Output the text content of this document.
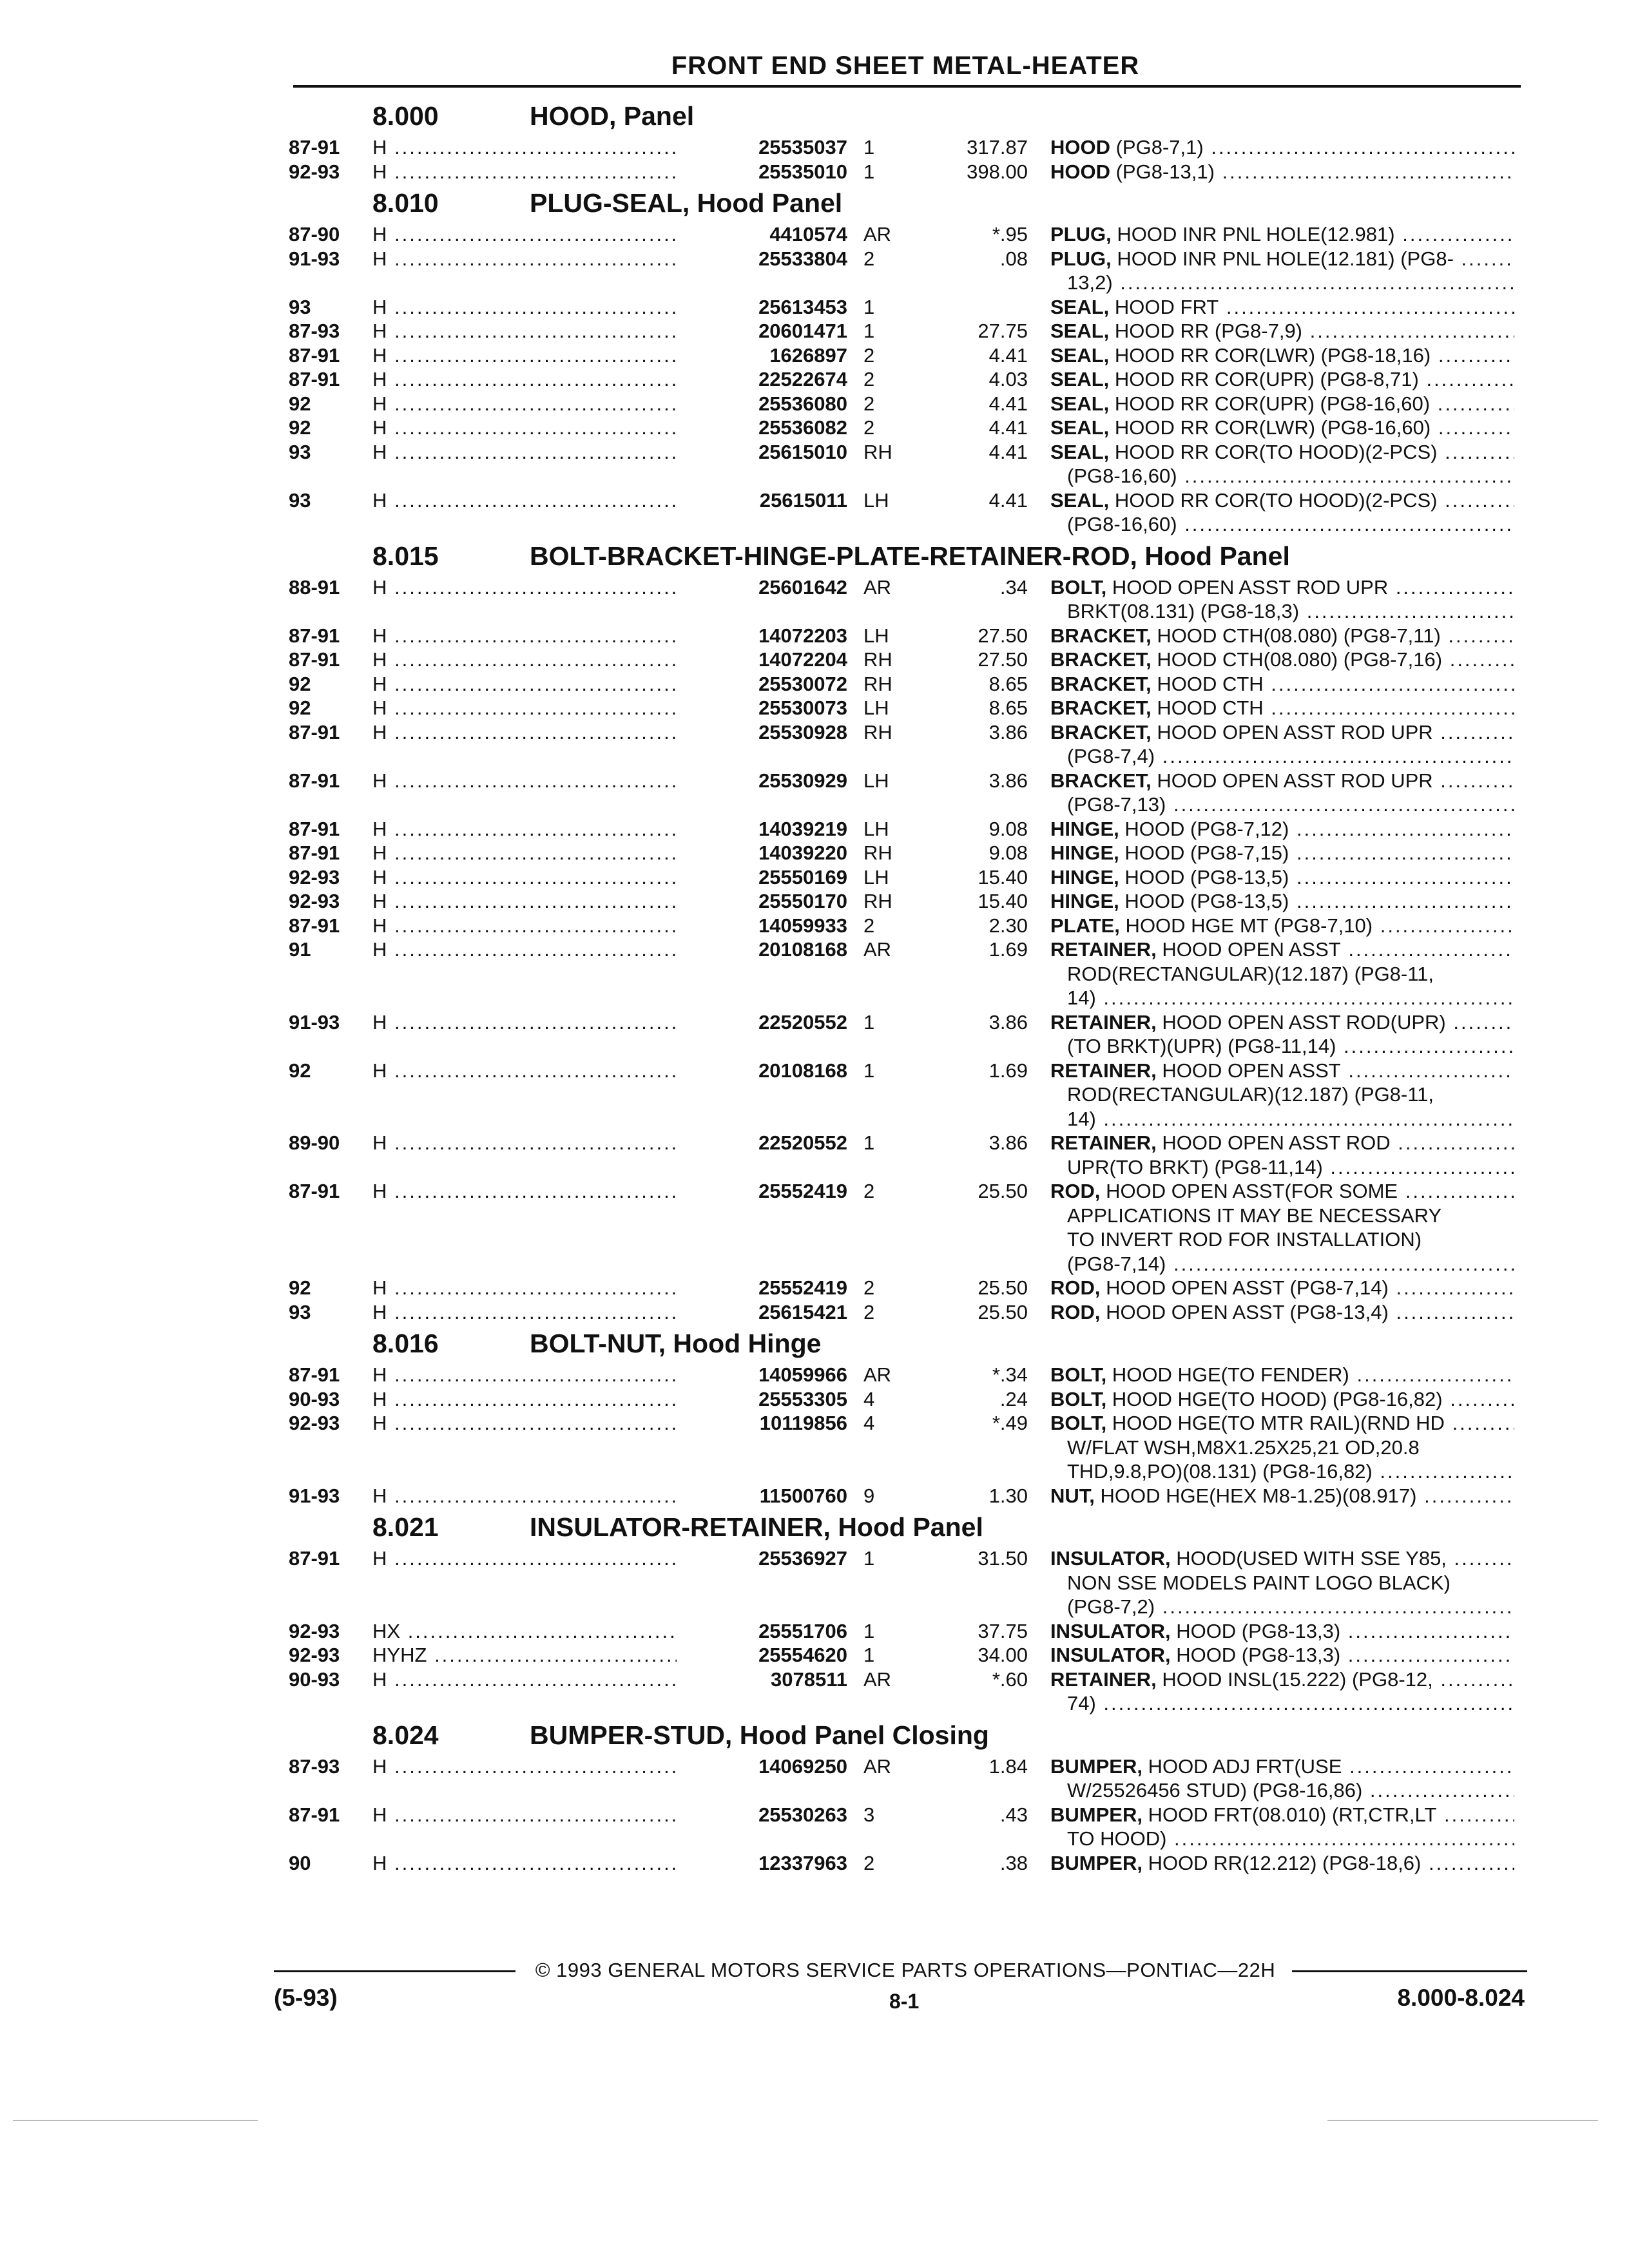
FRONT END SHEET METAL-HEATER
8.000	HOOD, Panel
87-91 H .....	25535037 1	317.87 HOOD (PG8-7,1) .....
92-93 H .....	25535010 1	398.00 HOOD (PG8-13,1) .....
8.010	PLUG-SEAL, Hood Panel
87-90 H .....	4410574 AR	*.95 PLUG, HOOD INR PNL HOLE(12.981) .....
91-93 H .....	25533804 2	.08 PLUG, HOOD INR PNL HOLE(12.181) (PG8- .....
13,2) .....
93	H .....	25613453 1	SEAL, HOOD FRT .....
87-93 H .....	20601471 1	27.75 SEAL, HOOD RR (PG8-7,9) .....
87-91 H .....	1626897 2	4.41 SEAL, HOOD RR COR(LWR) (PG8-18,16) .....
87-91 H .....	22522674 2	4.03 SEAL, HOOD RR COR(UPR) (PG8-8,71) .....
92	H .....	25536080 2	4.41 SEAL, HOOD RR COR(UPR) (PG8-16,60) .....
92	H .....	25536082 2	4.41 SEAL, HOOD RR COR(LWR) (PG8-16,60) .....
93	H .....	25615010 RH	4.41 SEAL, HOOD RR COR(TO HOOD)(2-PCS) .....
(PG8-16,60) .....
93	H .....	25615011 LH	4.41 SEAL, HOOD RR COR(TO HOOD)(2-PCS) .....
(PG8-16,60) .....
8.015	BOLT-BRACKET-HINGE-PLATE-RETAINER-ROD, Hood Panel
88-91 H .....	25601642 AR	.34 BOLT, HOOD OPEN ASST ROD UPR .....
BRKT(08.131) (PG8-18,3) .....
87-91 H .....	14072203 LH	27.50 BRACKET, HOOD CTH(08.080) (PG8-7,11) .....
87-91 H .....	14072204 RH	27.50 BRACKET, HOOD CTH(08.080) (PG8-7,16) .....
92	H .....	25530072 RH	8.65 BRACKET, HOOD CTH .....
92	H .....	25530073 LH	8.65 BRACKET, HOOD CTH .....
87-91 H .....	25530928 RH	3.86 BRACKET, HOOD OPEN ASST ROD UPR .....
(PG8-7,4) .....
87-91 H .....	25530929 LH	3.86 BRACKET, HOOD OPEN ASST ROD UPR .....
(PG8-7,13) .....
87-91 H .....	14039219 LH	9.08 HINGE, HOOD (PG8-7,12) .....
87-91 H .....	14039220 RH	9.08 HINGE, HOOD (PG8-7,15) .....
92-93 H .....	25550169 LH	15.40 HINGE, HOOD (PG8-13,5) .....
92-93 H .....	25550170 RH	15.40 HINGE, HOOD (PG8-13,5) .....
87-91 H .....	14059933 2	2.30 PLATE, HOOD HGE MT (PG8-7,10) .....
91	H .....	20108168 AR	1.69 RETAINER, HOOD OPEN ASST .....
ROD(RECTANGULAR)(12.187) (PG8-11,
14) .....
91-93 H .....	22520552 1	3.86 RETAINER, HOOD OPEN ASST ROD(UPR) .....
(TO BRKT)(UPR) (PG8-11,14) .....
92	H .....	20108168 1	1.69 RETAINER, HOOD OPEN ASST .....
ROD(RECTANGULAR)(12.187) (PG8-11,
14) .....
89-90 H .....	22520552 1	3.86 RETAINER, HOOD OPEN ASST ROD .....
UPR(TO BRKT) (PG8-11,14) .....
87-91 H .....	25552419 2	25.50 ROD, HOOD OPEN ASST(FOR SOME .....
APPLICATIONS IT MAY BE NECESSARY
TO INVERT ROD FOR INSTALLATION)
(PG8-7,14) .....
92	H .....	25552419 2	25.50 ROD, HOOD OPEN ASST (PG8-7,14) .....
93	H .....	25615421 2	25.50 ROD, HOOD OPEN ASST (PG8-13,4) .....
8.016	BOLT-NUT, Hood Hinge
87-91 H .....	14059966 AR	*.34 BOLT, HOOD HGE(TO FENDER) .....
90-93 H .....	25553305 4	.24 BOLT, HOOD HGE(TO HOOD) (PG8-16,82) .....
92-93 H .....	10119856 4	*.49 BOLT, HOOD HGE(TO MTR RAIL)(RND HD .....
W/FLAT WSH,M8X1.25X25,21 OD,20.8
THD,9.8,PO)(08.131) (PG8-16,82) .....
91-93 H .....	11500760 9	1.30 NUT, HOOD HGE(HEX M8-1.25)(08.917) .....
8.021	INSULATOR-RETAINER, Hood Panel
87-91 H .....	25536927 1	31.50 INSULATOR, HOOD(USED WITH SSE Y85, .....
NON SSE MODELS PAINT LOGO BLACK)
(PG8-7,2) .....
92-93 HX .....	25551706 1	37.75 INSULATOR, HOOD (PG8-13,3) .....
92-93 HYHZ .....	25554620 1	34.00 INSULATOR, HOOD (PG8-13,3) .....
90-93 H .....	3078511 AR	*.60 RETAINER, HOOD INSL(15.222) (PG8-12, .....
74) .....
8.024	BUMPER-STUD, Hood Panel Closing
87-93 H .....	14069250 AR	1.84 BUMPER, HOOD ADJ FRT(USE .....
W/25526456 STUD) (PG8-16,86) .....
87-91 H .....	25530263 3	.43 BUMPER, HOOD FRT(08.010) (RT,CTR,LT .....
TO HOOD) .....
90	H .....	12337963 2	.38 BUMPER, HOOD RR(12.212) (PG8-18,6) .....
© 1993 GENERAL MOTORS SERVICE PARTS OPERATIONS—PONTIAC—22H
(5-93)	8-1	8.000-8.024
